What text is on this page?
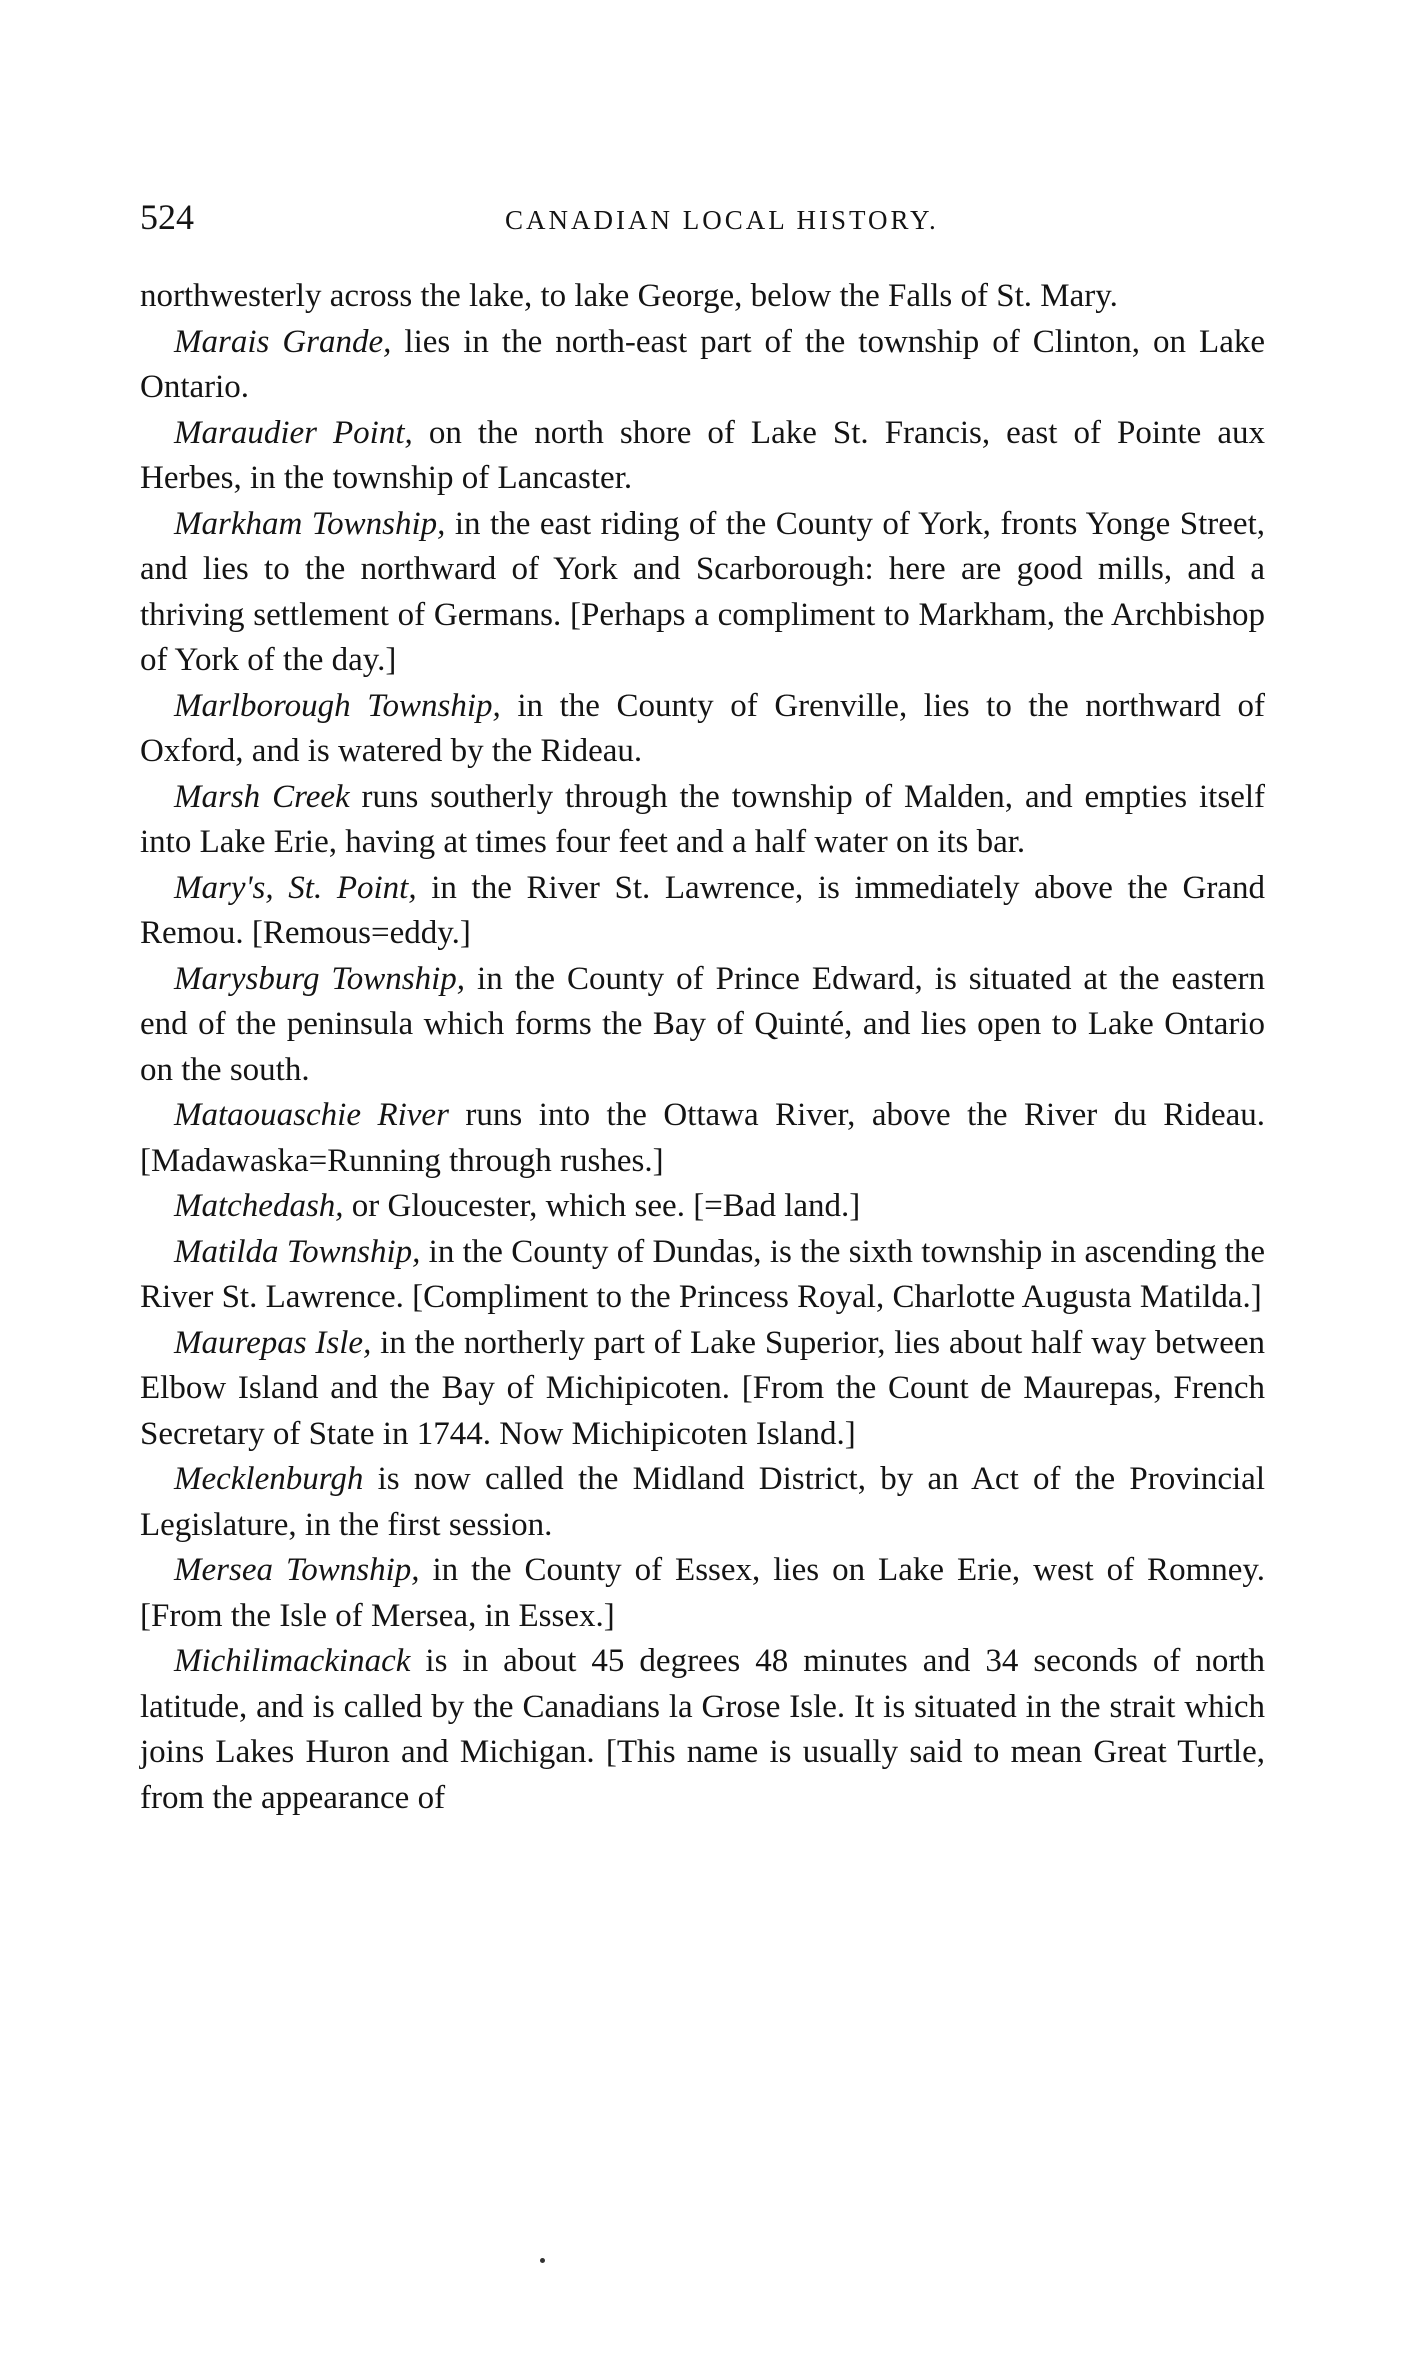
524	CANADIAN LOCAL HISTORY.

northwesterly across the lake, to lake George, below the Falls of St. Mary.

Marais Grande, lies in the north-east part of the township of Clinton, on Lake Ontario.

Maraudier Point, on the north shore of Lake St. Francis, east of Pointe aux Herbes, in the township of Lancaster.

Markham Township, in the east riding of the County of York, fronts Yonge Street, and lies to the northward of York and Scarborough: here are good mills, and a thriving settlement of Germans. [Perhaps a compliment to Markham, the Archbishop of York of the day.]

Marlborough Township, in the County of Grenville, lies to the northward of Oxford, and is watered by the Rideau.

Marsh Creek runs southerly through the township of Malden, and empties itself into Lake Erie, having at times four feet and a half water on its bar.

Mary's, St. Point, in the River St. Lawrence, is immediately above the Grand Remou. [Remous=eddy.]

Marysburg Township, in the County of Prince Edward, is situated at the eastern end of the peninsula which forms the Bay of Quinté, and lies open to Lake Ontario on the south.

Mataouaschie River runs into the Ottawa River, above the River du Rideau. [Madawaska=Running through rushes.]

Matchedash, or Gloucester, which see. [=Bad land.]

Matilda Township, in the County of Dundas, is the sixth township in ascending the River St. Lawrence. [Compliment to the Princess Royal, Charlotte Augusta Matilda.]

Maurepas Isle, in the northerly part of Lake Superior, lies about half way between Elbow Island and the Bay of Michipicoten. [From the Count de Maurepas, French Secretary of State in 1744. Now Michipicoten Island.]

Mecklenburgh is now called the Midland District, by an Act of the Provincial Legislature, in the first session.

Mersea Township, in the County of Essex, lies on Lake Erie, west of Romney. [From the Isle of Mersea, in Essex.]

Michilimackinack is in about 45 degrees 48 minutes and 34 seconds of north latitude, and is called by the Canadians la Grose Isle. It is situated in the strait which joins Lakes Huron and Michigan. [This name is usually said to mean Great Turtle, from the appearance of
